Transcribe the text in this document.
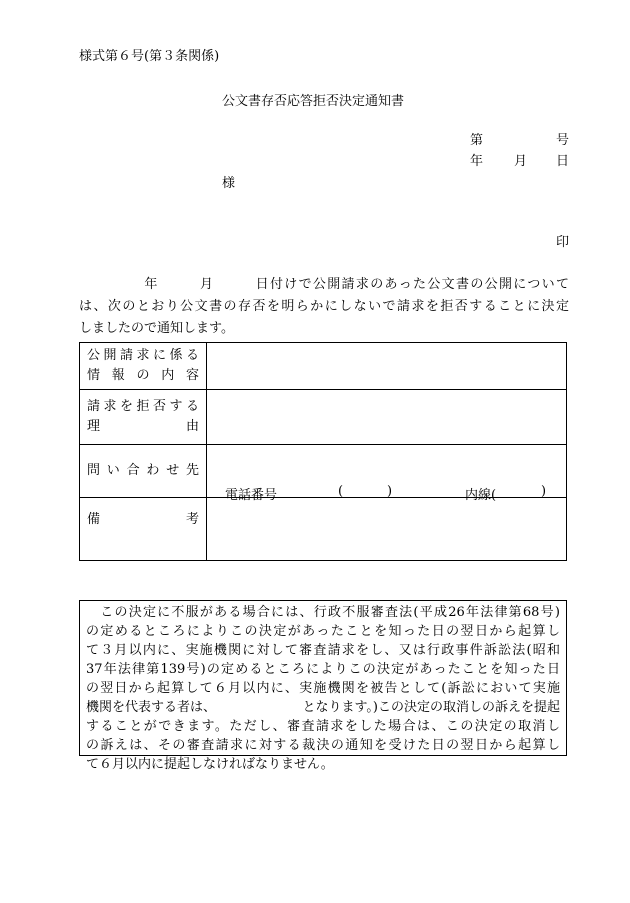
様式第６号(第３条関係)
公文書存否応答拒否決定通知書
第	号
年 月 日
様
印
年	月	日付けで公開請求のあった公文書の公開について
は、次のとおり公文書の存否を明らかにしないで請求を拒否することに決定
しましたので通知します。
公開請求に係る
情報の内容	

請求を拒否する
理由	

問い合わせ先	電話番号 ( ) 内線( )

備考	

この決定に不服がある場合には、行政不服審査法(平成26年法律第68号)
の定めるところによりこの決定があったことを知った日の翌日から起算し
て３月以内に、実施機関に対して審査請求をし、又は行政事件訴訟法(昭和
37年法律第139号)の定めるところによりこの決定があったことを知った日
の翌日から起算して６月以内に、実施機関を被告として(訴訟において実施
機関を代表する者は、	となります。)この決定の取消しの訴えを提起
することができます。ただし、審査請求をした場合は、この決定の取消し
の訴えは、その審査請求に対する裁決の通知を受けた日の翌日から起算し
て６月以内に提起しなければなりません。
